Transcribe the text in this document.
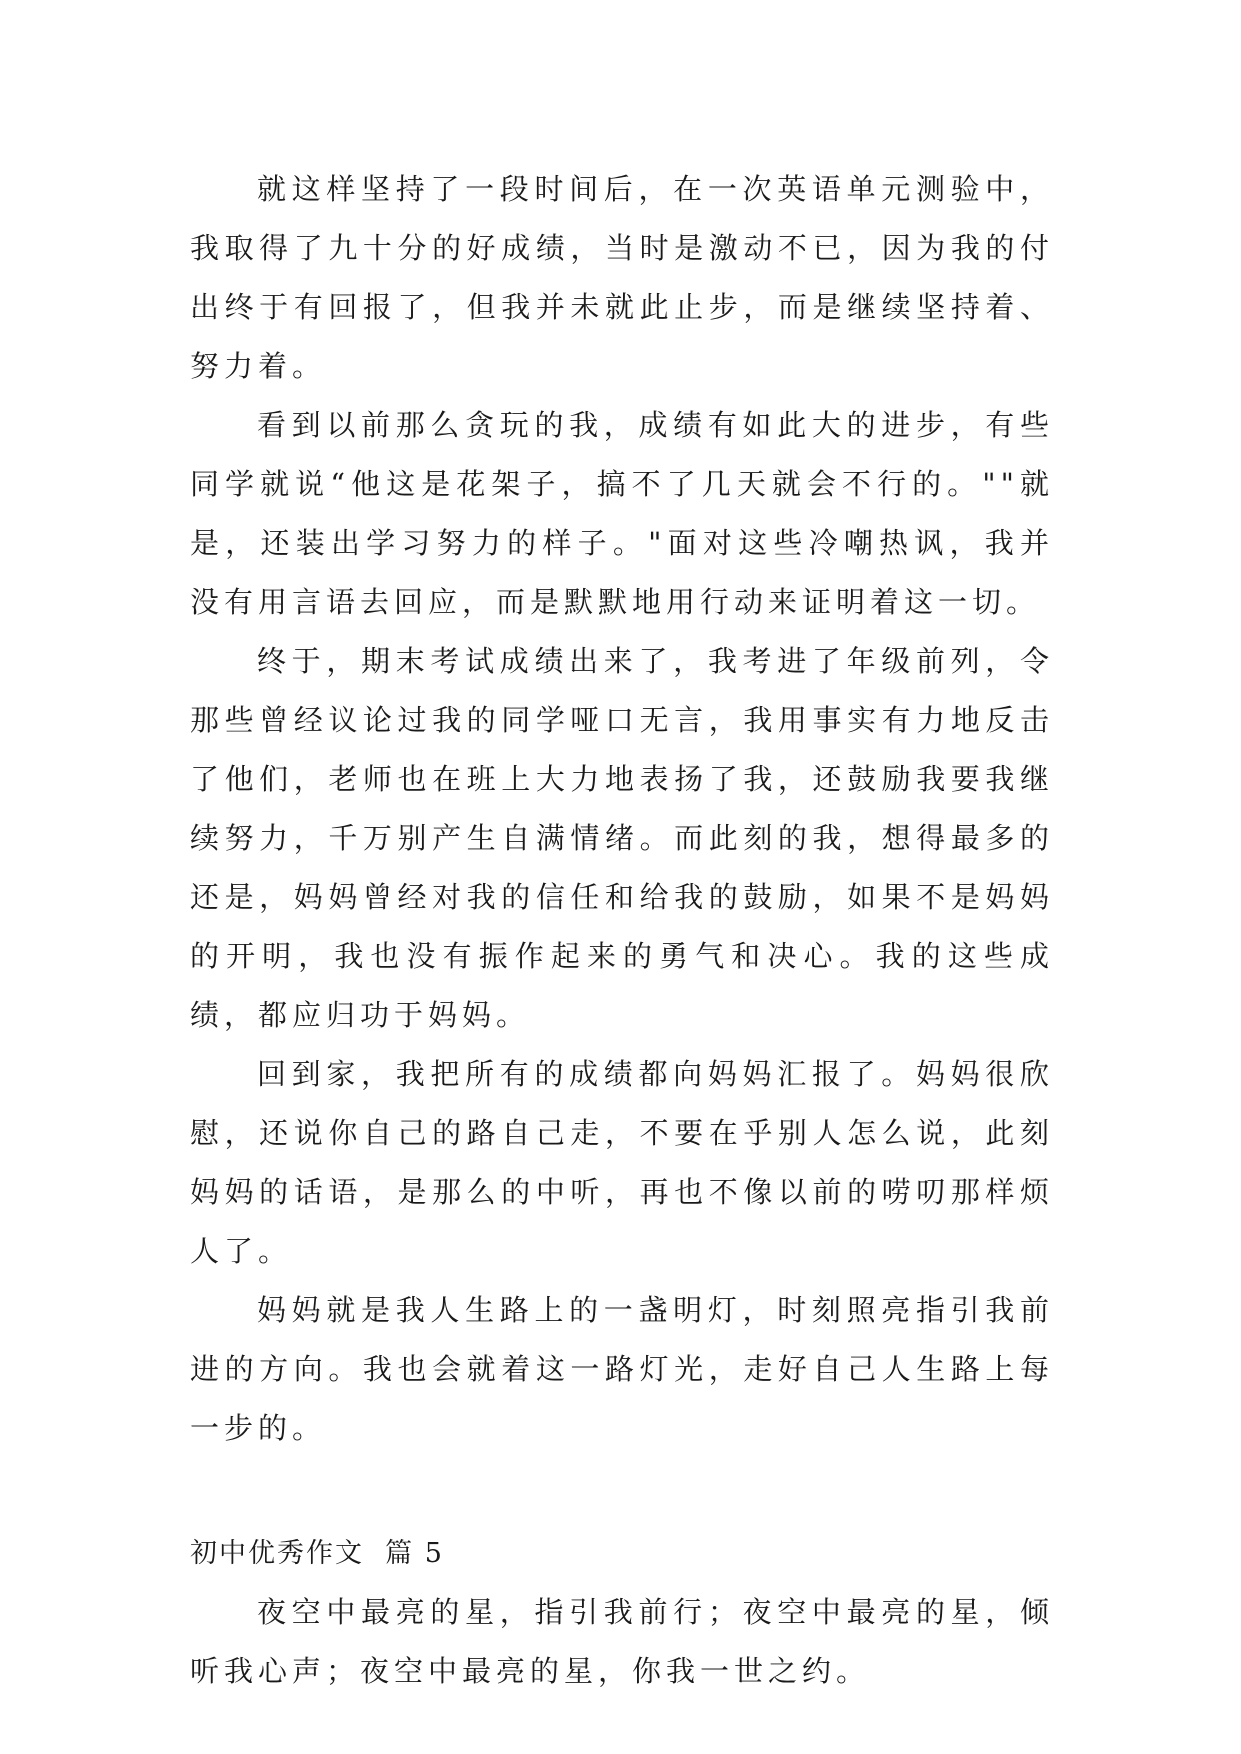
就这样坚持了一段时间后，在一次英语单元测验中，我取得了九十分的好成绩，当时是激动不已，因为我的付出终于有回报了，但我并未就此止步，而是继续坚持着、努力着。

看到以前那么贪玩的我，成绩有如此大的进步，有些同学就说“他这是花架子，搞不了几天就会不行的。""就是，还装出学习努力的样子。"面对这些冷嘲热讽，我并没有用言语去回应，而是默默地用行动来证明着这一切。

终于，期末考试成绩出来了，我考进了年级前列，令那些曾经议论过我的同学哑口无言，我用事实有力地反击了他们，老师也在班上大力地表扬了我，还鼓励我要我继续努力，千万别产生自满情绪。而此刻的我，想得最多的还是，妈妈曾经对我的信任和给我的鼓励，如果不是妈妈的开明，我也没有振作起来的勇气和决心。我的这些成绩，都应归功于妈妈。

回到家，我把所有的成绩都向妈妈汇报了。妈妈很欣慰，还说你自己的路自己走，不要在乎别人怎么说，此刻妈妈的话语，是那么的中听，再也不像以前的唠叨那样烦人了。

妈妈就是我人生路上的一盏明灯，时刻照亮指引我前进的方向。我也会就着这一路灯光，走好自己人生路上每一步的。

初中优秀作文  篇 5

夜空中最亮的星，指引我前行；夜空中最亮的星，倾听我心声；夜空中最亮的星，你我一世之约。
